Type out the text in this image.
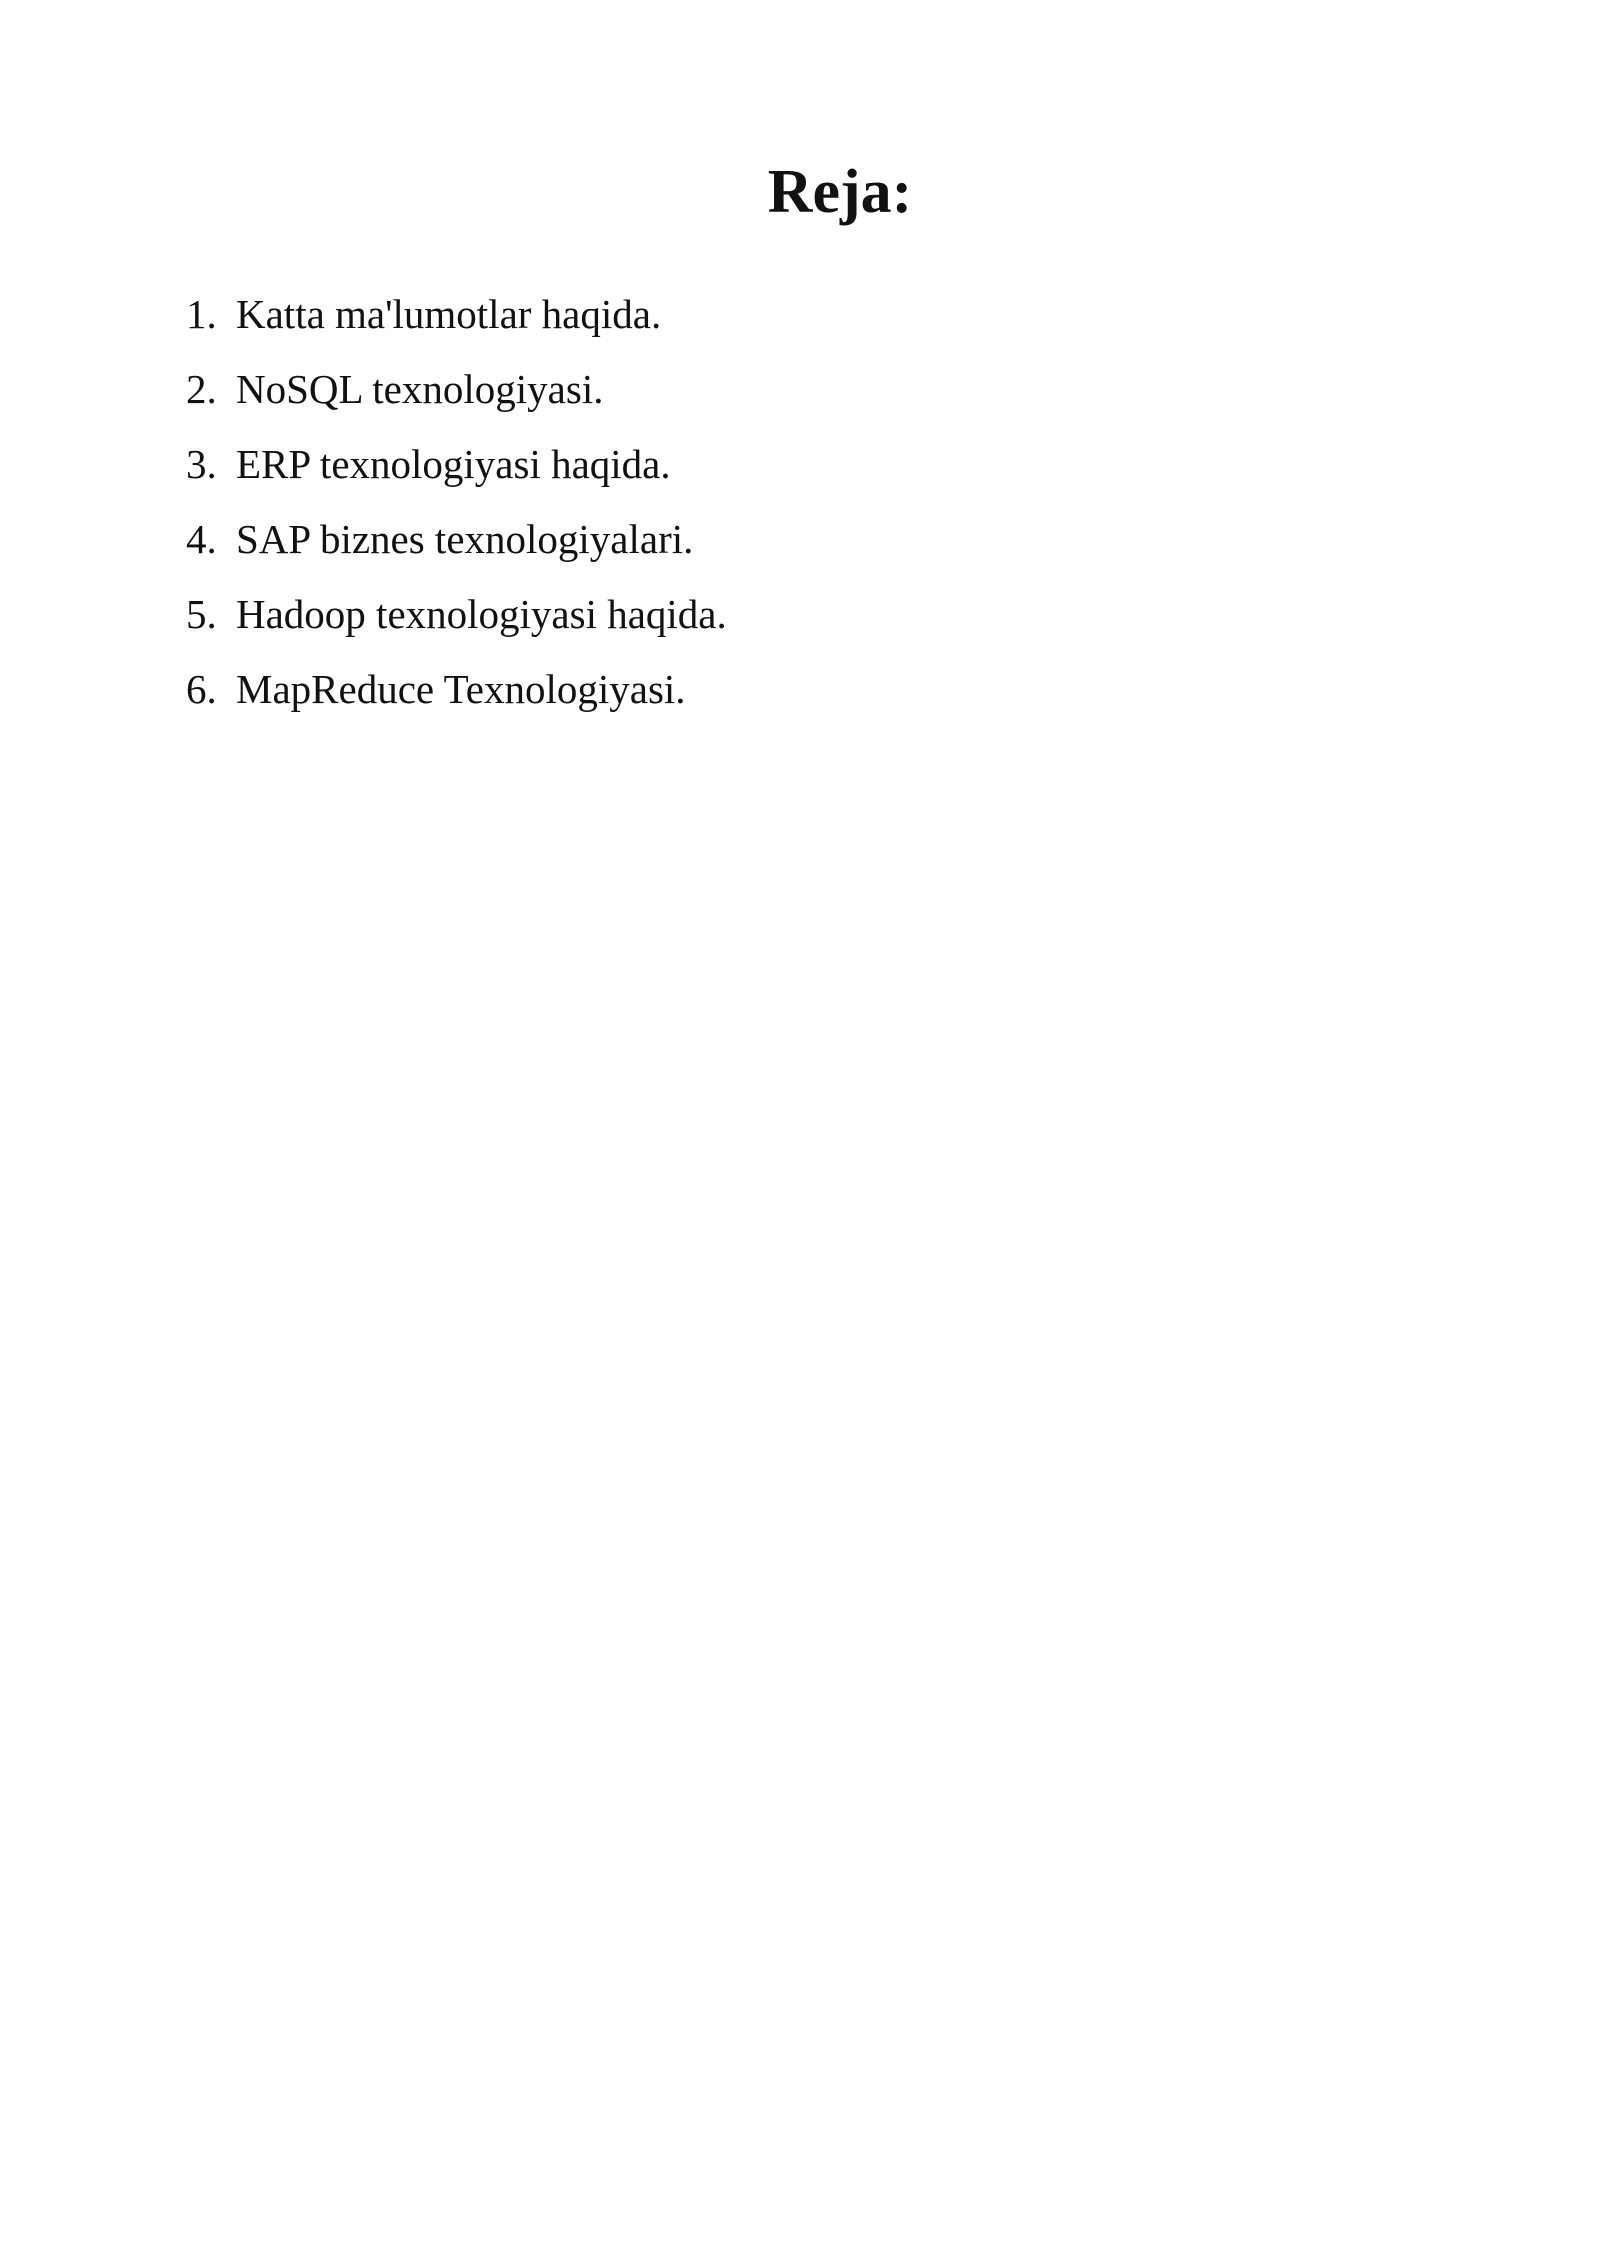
Reja:
1. Katta ma'lumotlar haqida.
2. NoSQL texnologiyasi.
3. ERP texnologiyasi haqida.
4. SAP biznes texnologiyalari.
5. Hadoop texnologiyasi haqida.
6. MapReduce Texnologiyasi.
